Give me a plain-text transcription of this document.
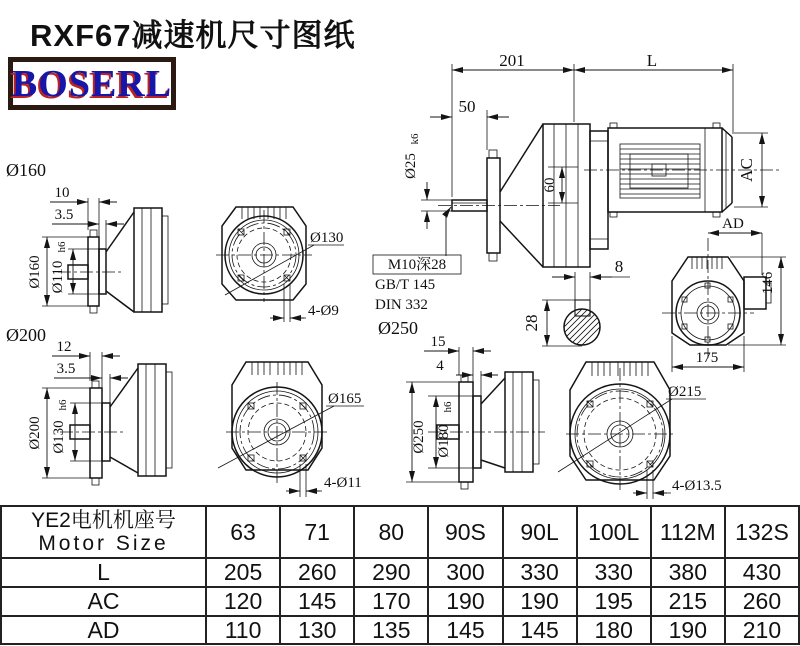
RXF67减速机尺寸图纸
BOSERL
201	L
50
Ø25
k6
60
AC
M10深28
GB/T 145
DIN 332
8
28
AD
146
175
Ø160
Ø200	Ø250
10
3.5
Ø160 Ø110
h6
Ø130
4-Ø9
12
3.5
Ø200 Ø130
h6	Ø165
4-Ø11
15
4
Ø250 Ø180
h6
Ø215
4-Ø13.5
YE2电机机座号
Motor Size	63	71	80	90S	90L	100L 112M 132S
L	205	260	290	300	330	330	380	430
AC	120	145	170	190	190	195	215	260
AD	110	130	135	145	145	180	190	210
